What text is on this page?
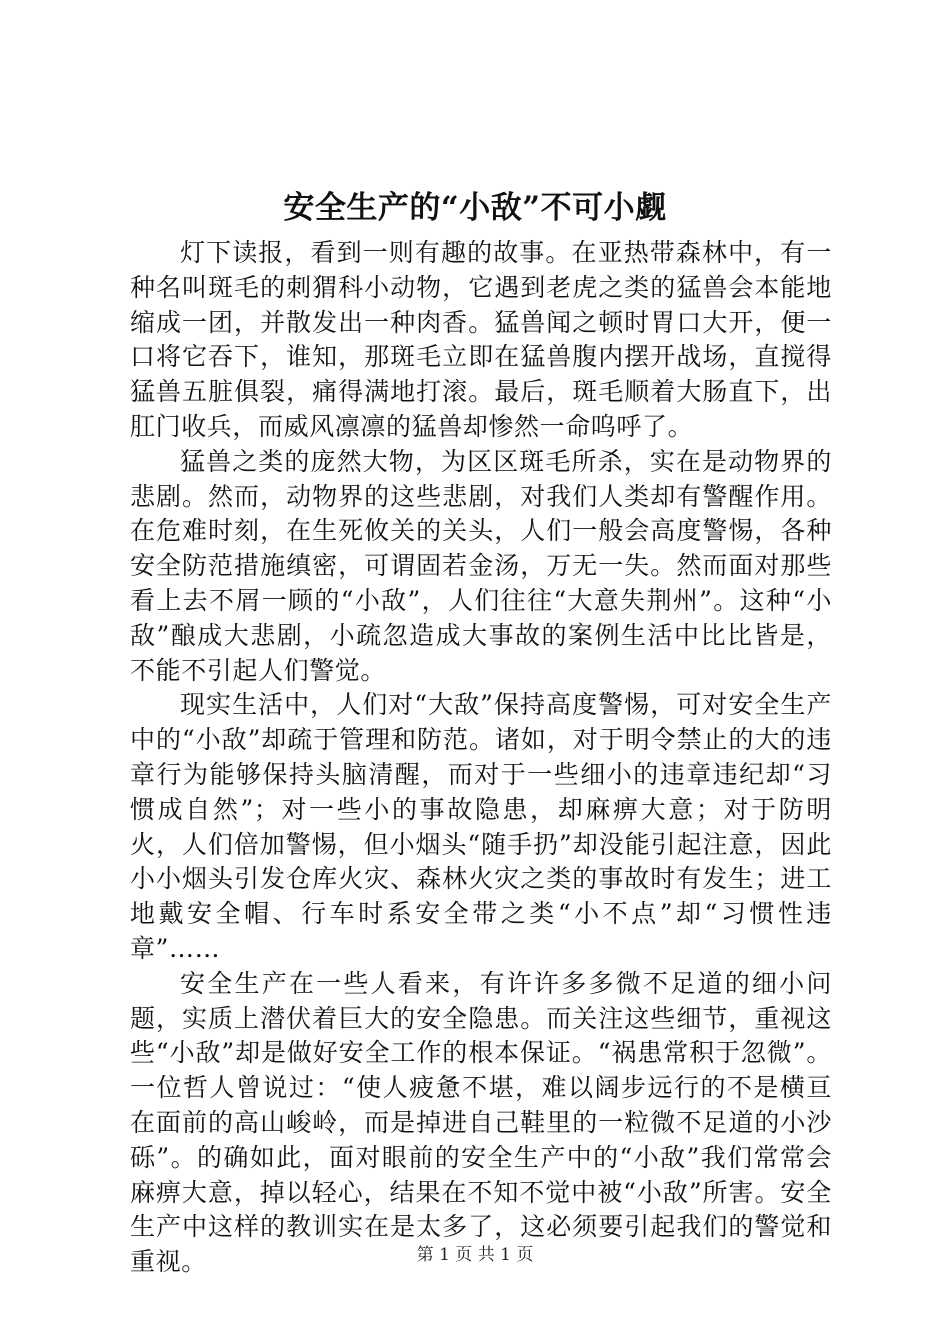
安全生产的“小敌”不可小觑

灯下读报，看到一则有趣的故事。在亚热带森林中，有一种名叫斑毛的刺猬科小动物，它遇到老虎之类的猛兽会本能地缩成一团，并散发出一种肉香。猛兽闻之顿时胃口大开，便一口将它吞下，谁知，那斑毛立即在猛兽腹内摆开战场，直搅得猛兽五脏俱裂，痛得满地打滚。最后，斑毛顺着大肠直下，出肛门收兵，而威风凛凛的猛兽却惨然一命呜呼了。

猛兽之类的庞然大物，为区区斑毛所杀，实在是动物界的悲剧。然而，动物界的这些悲剧，对我们人类却有警醒作用。在危难时刻，在生死攸关的关头，人们一般会高度警惕，各种安全防范措施缜密，可谓固若金汤，万无一失。然而面对那些看上去不屑一顾的“小敌”，人们往往“大意失荆州”。这种“小敌”酿成大悲剧，小疏忽造成大事故的案例生活中比比皆是，不能不引起人们警觉。

现实生活中，人们对“大敌”保持高度警惕，可对安全生产中的“小敌”却疏于管理和防范。诸如，对于明令禁止的大的违章行为能够保持头脑清醒，而对于一些细小的违章违纪却“习惯成自然”；对一些小的事故隐患，却麻痹大意；对于防明火，人们倍加警惕，但小烟头“随手扔”却没能引起注意，因此小小烟头引发仓库火灾、森林火灾之类的事故时有发生；进工地戴安全帽、行车时系安全带之类“小不点”却“习惯性违章”……

安全生产在一些人看来，有许许多多微不足道的细小问题，实质上潜伏着巨大的安全隐患。而关注这些细节，重视这些“小敌”却是做好安全工作的根本保证。“祸患常积于忽微”。一位哲人曾说过：“使人疲惫不堪，难以阔步远行的不是横亘在面前的高山峻岭，而是掉进自己鞋里的一粒微不足道的小沙砾”。的确如此，面对眼前的安全生产中的“小敌”我们常常会麻痹大意，掉以轻心，结果在不知不觉中被“小敌”所害。安全生产中这样的教训实在是太多了，这必须要引起我们的警觉和重视。	第 1 页 共 1 页
